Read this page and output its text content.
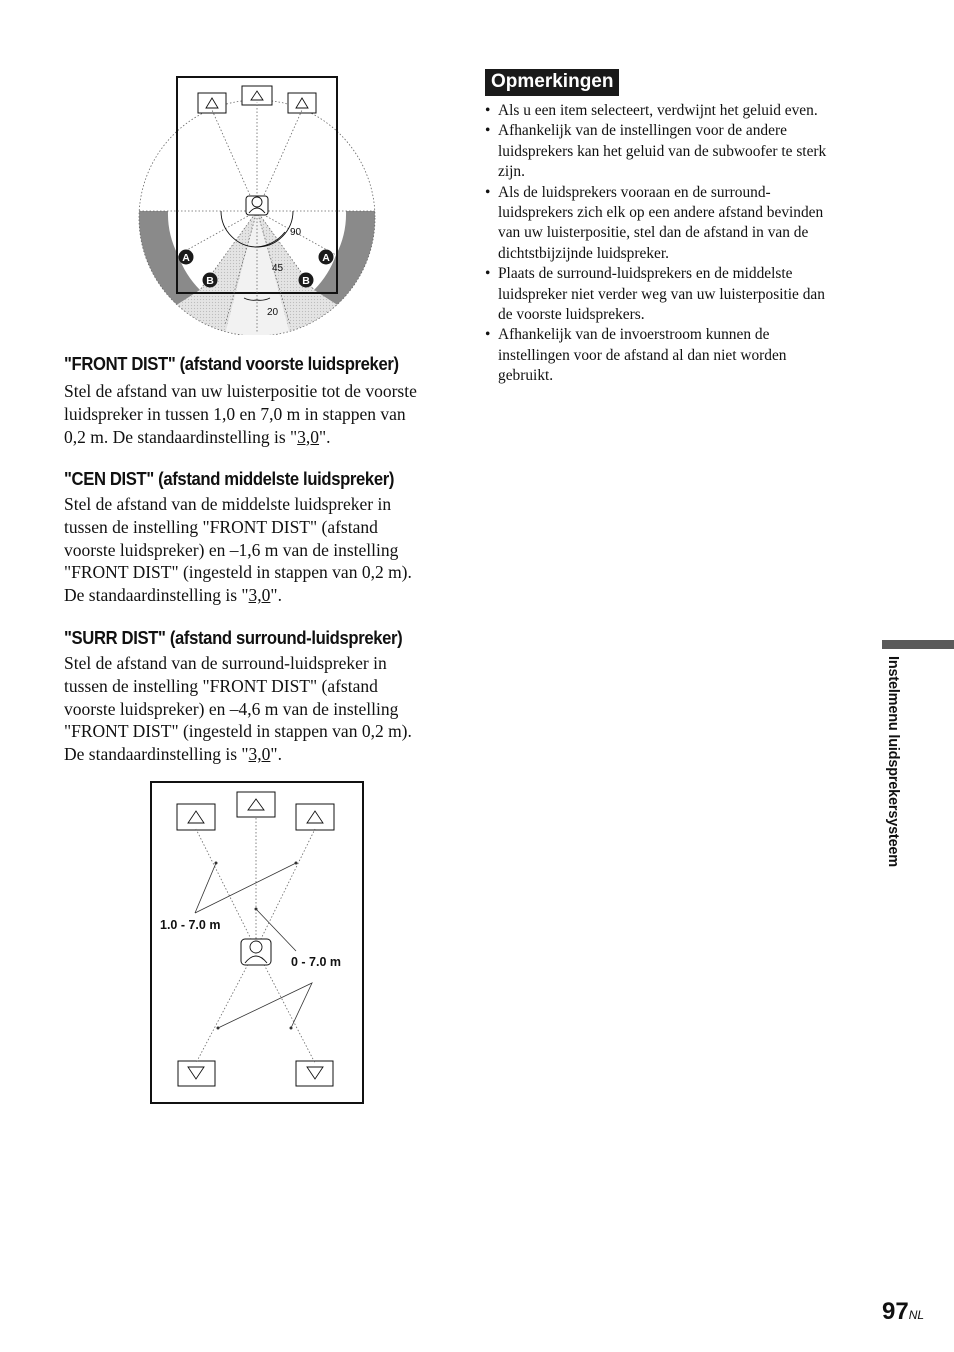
90
45
20
A	A
B	B
"FRONT DIST" (afstand voorste luidspreker)

Stel de afstand van uw luisterpositie tot de voorste

luidspreker in tussen 1,0 en 7,0 m in stappen van

0,2 m. De standaardinstelling is "3,0".

"CEN DIST" (afstand middelste luidspreker)

Stel de afstand van de middelste luidspreker in

tussen de instelling "FRONT DIST" (afstand

voorste luidspreker) en –1,6 m van de instelling

"FRONT DIST" (ingesteld in stappen van 0,2 m).

De standaardinstelling is "3,0".

"SURR DIST" (afstand surround-luidspreker)

Stel de afstand van de surround-luidspreker in

tussen de instelling "FRONT DIST" (afstand

voorste luidspreker) en –4,6 m van de instelling

"FRONT DIST" (ingesteld in stappen van 0,2 m).

De standaardinstelling is "3,0".

1.0 - 7.0 m
0 - 7.0 m
Opmerkingen
• Als u een item selecteert, verdwijnt het geluid even.
• Afhankelijk van de instellingen voor de andere
luidsprekers kan het geluid van de subwoofer te sterk
zijn.
• Als de luidsprekers vooraan en de surround-
luidsprekers zich elk op een andere afstand bevinden
van uw luisterpositie, stel dan de afstand in van de
dichtstbijzijnde luidspreker.
• Plaats de surround-luidsprekers en de middelste
luidspreker niet verder weg van uw luisterpositie dan
de voorste luidsprekers.
• Afhankelijk van de invoerstroom kunnen de
instellingen voor de afstand al dan niet worden
gebruikt.
Instelmenu luidsprekersysteem
97NL
